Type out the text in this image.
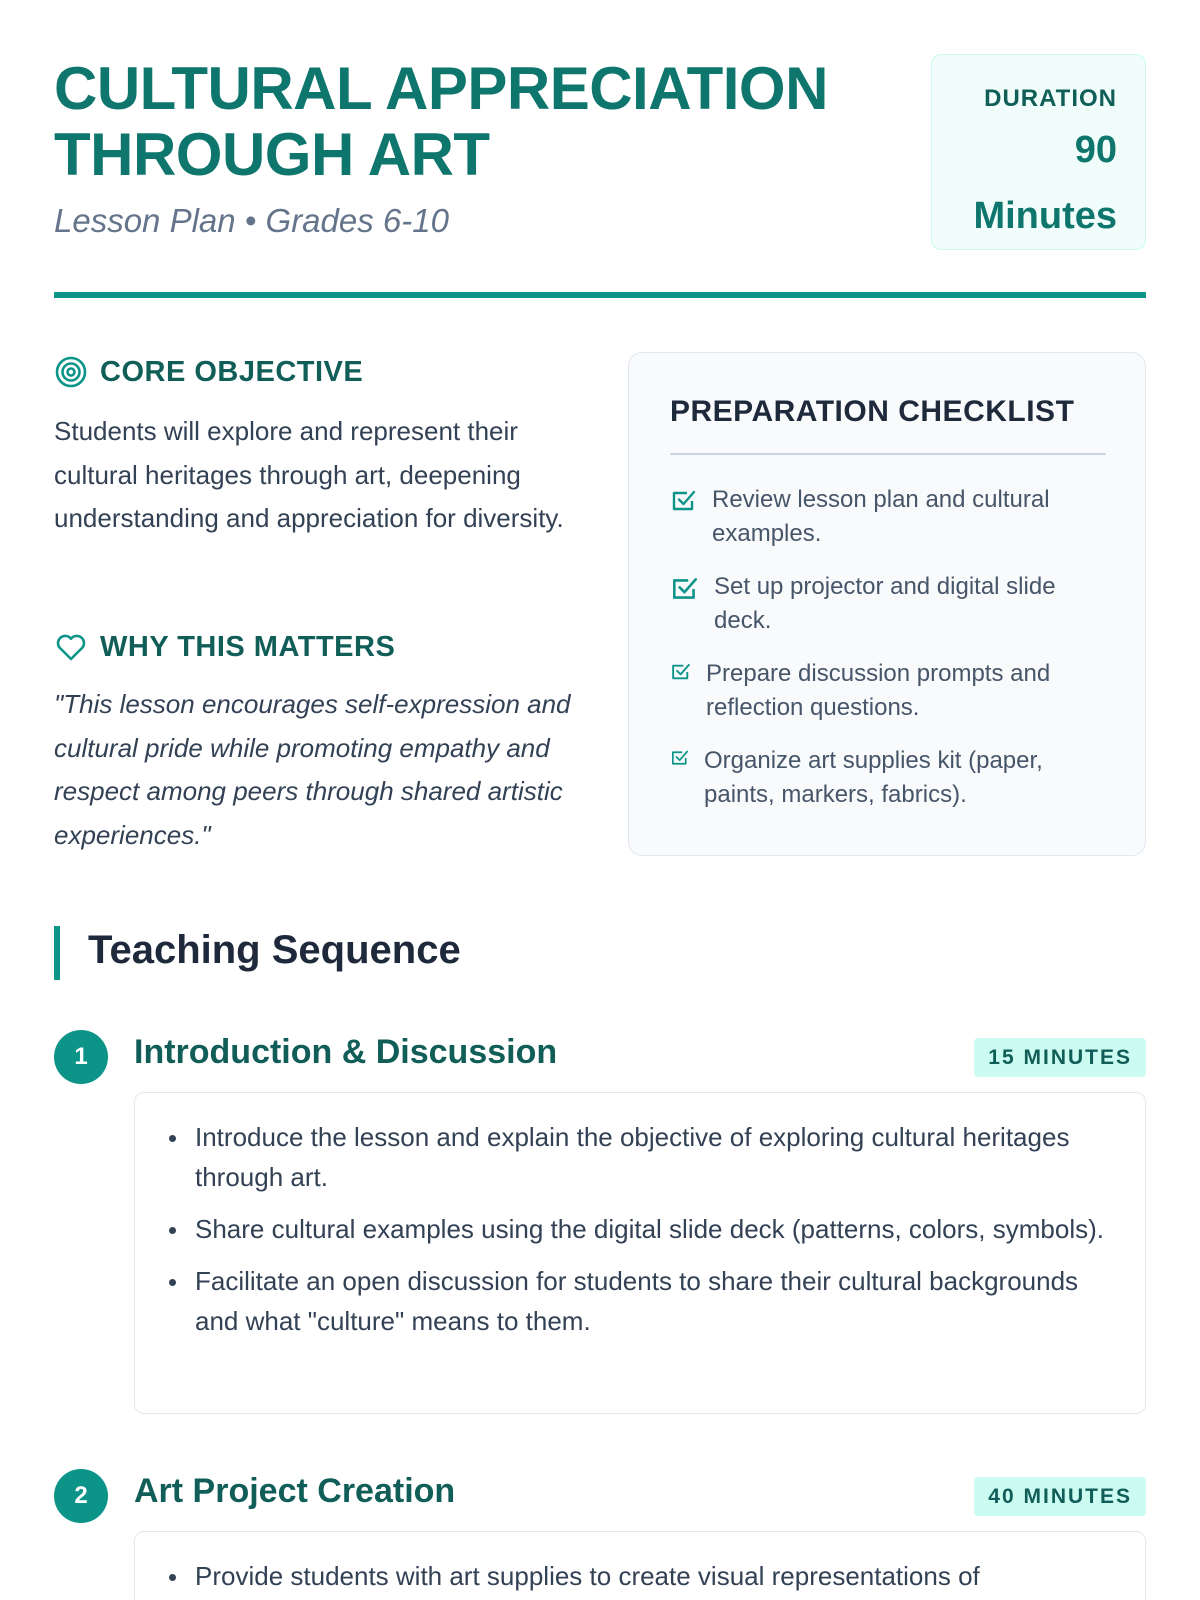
CULTURAL APPRECIATION THROUGH ART
Lesson Plan • Grades 6-10
DURATION
90 Minutes
CORE OBJECTIVE

Students will explore and represent their cultural heritages through art, deepening understanding and appreciation for diversity.

WHY THIS MATTERS

"This lesson encourages self-expression and cultural pride while promoting empathy and respect among peers through shared artistic experiences."

PREPARATION CHECKLIST
Review lesson plan and cultural examples.
Set up projector and digital slide deck.
Prepare discussion prompts and reflection questions.
Organize art supplies kit (paper, paints, markers, fabrics).
Teaching Sequence
1	Introduction & Discussion	15 MINUTES
Introduce the lesson and explain the objective of exploring cultural heritages through art.
Share cultural examples using the digital slide deck (patterns, colors, symbols).
Facilitate an open discussion for students to share their cultural backgrounds and what "culture" means to them.
2	Art Project Creation	40 MINUTES
Provide students with art supplies to create visual representations of
